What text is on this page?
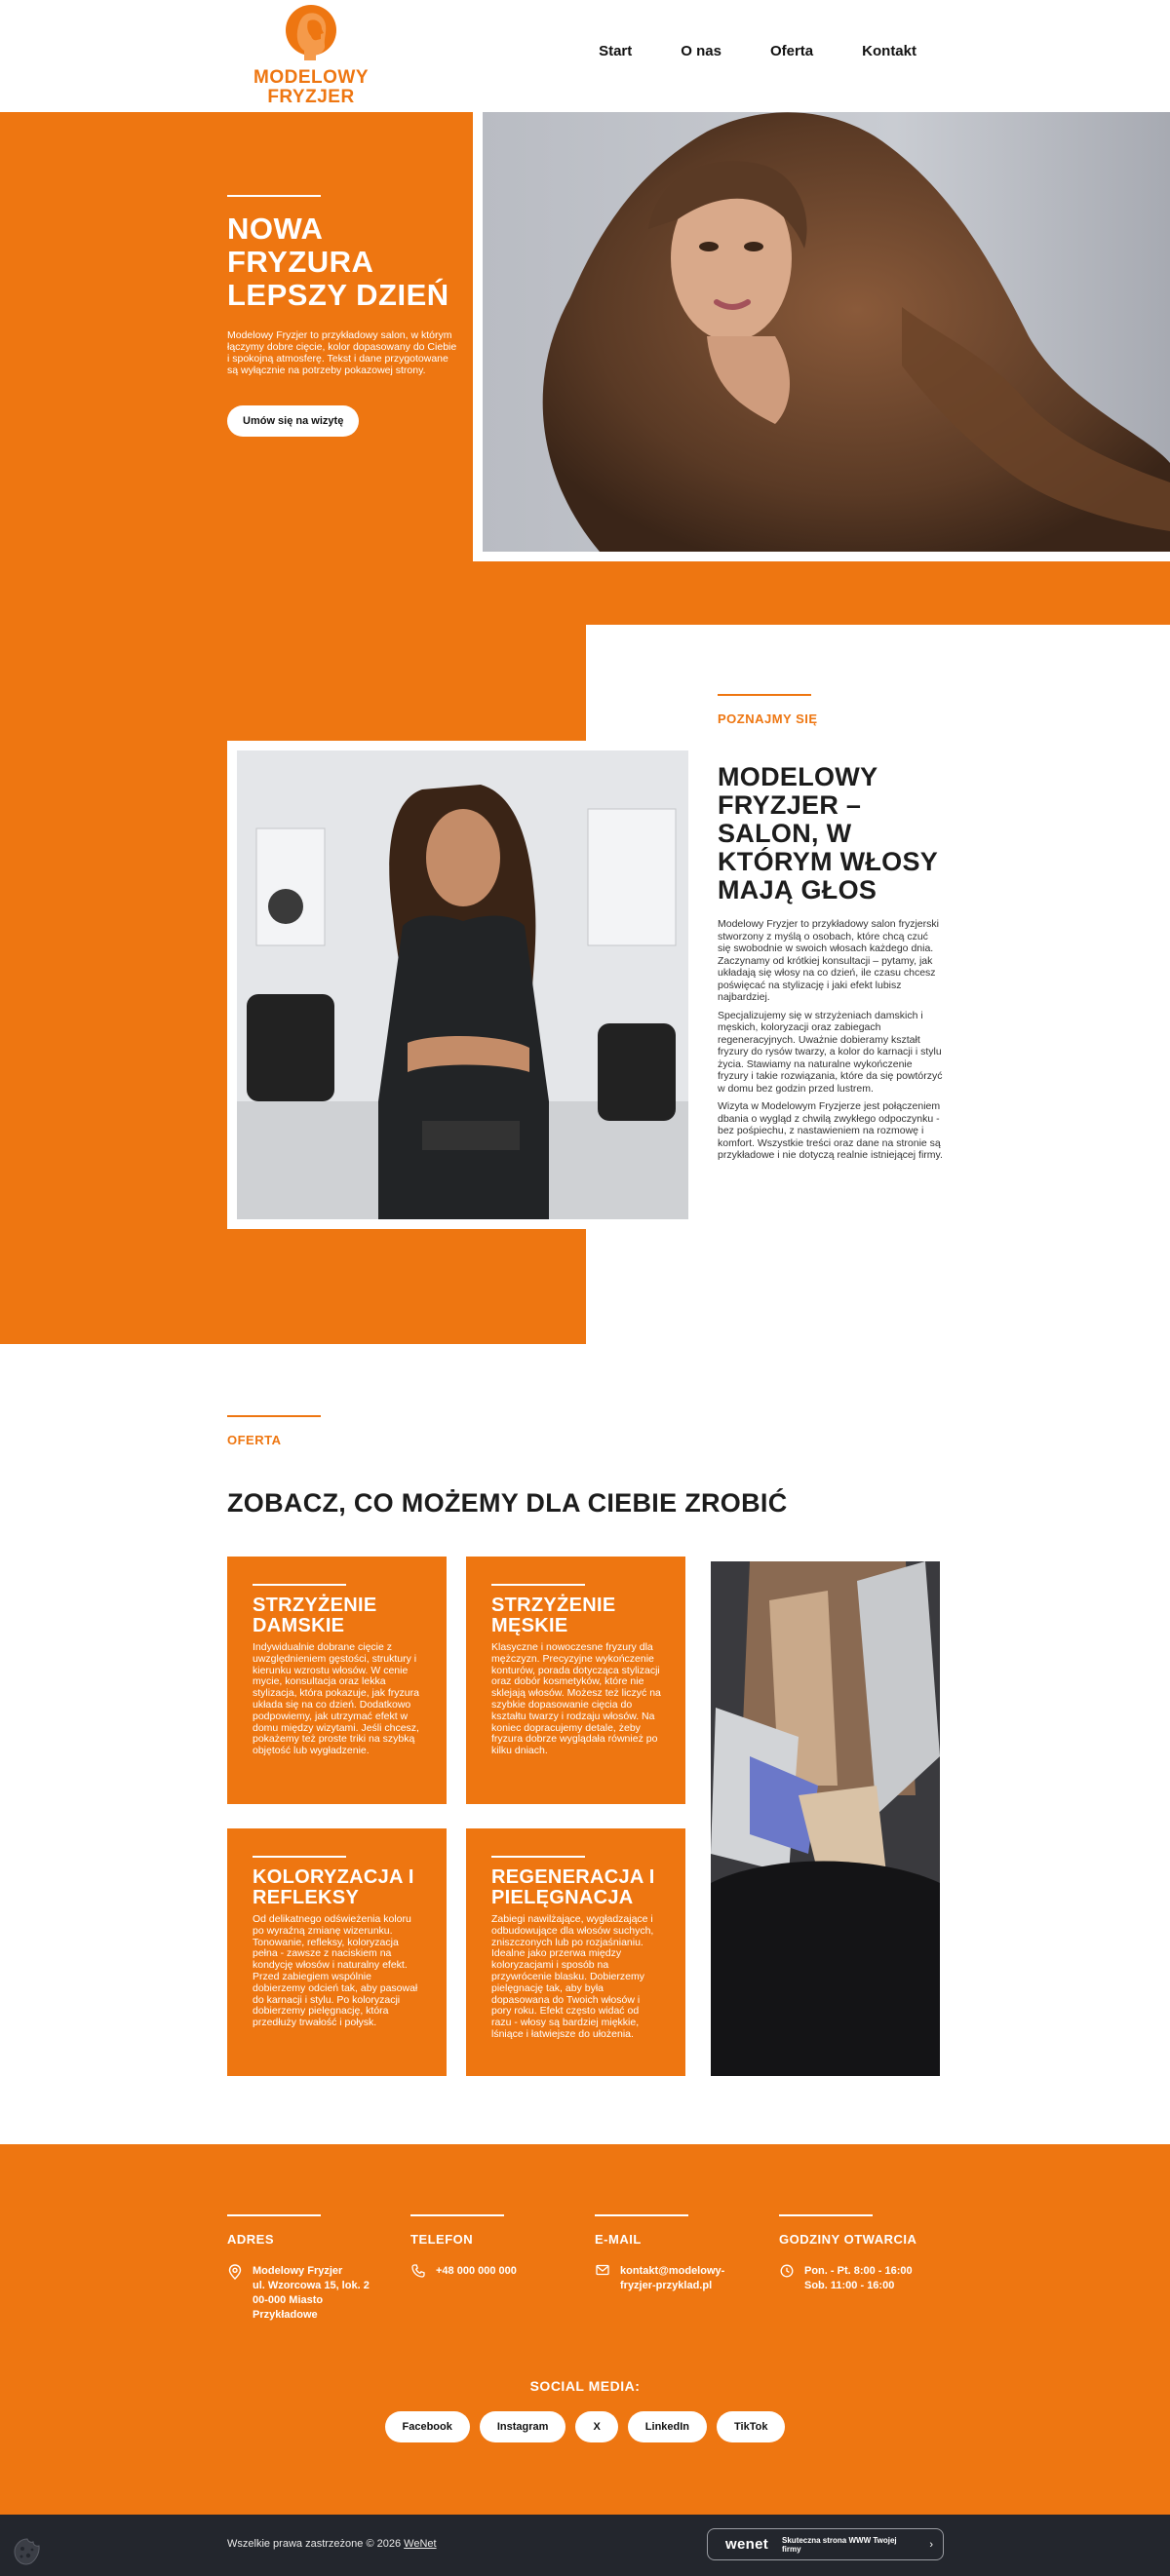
MODELOWY
FRYZJER
Start	O nas	Oferta	Kontakt
NOWA FRYZURA LEPSZY DZIEŃ

Modelowy Fryzjer to przykładowy salon, w którym łączymy dobre cięcie, kolor dopasowany do Ciebie i spokojną atmosferę. Tekst i dane przygotowane są wyłącznie na potrzeby pokazowej strony.

Umów się na wizytę
POZNAJMY SIĘ
MODELOWY FRYZJER – SALON, W KTÓRYM WŁOSY MAJĄ GŁOS

Modelowy Fryzjer to przykładowy salon fryzjerski stworzony z myślą o osobach, które chcą czuć się swobodnie w swoich włosach każdego dnia. Zaczynamy od krótkiej konsultacji – pytamy, jak układają się włosy na co dzień, ile czasu chcesz poświęcać na stylizację i jaki efekt lubisz najbardziej.

Specjalizujemy się w strzyżeniach damskich i męskich, koloryzacji oraz zabiegach regeneracyjnych. Uważnie dobieramy kształt fryzury do rysów twarzy, a kolor do karnacji i stylu życia. Stawiamy na naturalne wykończenie fryzury i takie rozwiązania, które da się powtórzyć w domu bez godzin przed lustrem.

Wizyta w Modelowym Fryzjerze jest połączeniem dbania o wygląd z chwilą zwykłego odpoczynku - bez pośpiechu, z nastawieniem na rozmowę i komfort. Wszystkie treści oraz dane na stronie są przykładowe i nie dotyczą realnie istniejącej firmy.

OFERTA
ZOBACZ, CO MOŻEMY DLA CIEBIE ZROBIĆ
STRZYŻENIE DAMSKIE
Indywidualnie dobrane cięcie z uwzględnieniem gęstości, struktury i kierunku wzrostu włosów. W cenie mycie, konsultacja oraz lekka stylizacja, która pokazuje, jak fryzura układa się na co dzień. Dodatkowo podpowiemy, jak utrzymać efekt w domu między wizytami. Jeśli chcesz, pokażemy też proste triki na szybką objętość lub wygładzenie.
STRZYŻENIE MĘSKIE
Klasyczne i nowoczesne fryzury dla mężczyzn. Precyzyjne wykończenie konturów, porada dotycząca stylizacji oraz dobór kosmetyków, które nie sklejają włosów. Możesz też liczyć na szybkie dopasowanie cięcia do kształtu twarzy i rodzaju włosów. Na koniec dopracujemy detale, żeby fryzura dobrze wyglądała również po kilku dniach.
KOLORYZACJA I REFLEKSY
Od delikatnego odświeżenia koloru po wyraźną zmianę wizerunku. Tonowanie, refleksy, koloryzacja pełna - zawsze z naciskiem na kondycję włosów i naturalny efekt. Przed zabiegiem wspólnie dobierzemy odcień tak, aby pasował do karnacji i stylu. Po koloryzacji dobierzemy pielęgnację, która przedłuży trwałość i połysk.
REGENERACJA I PIELĘGNACJA
Zabiegi nawilżające, wygładzające i odbudowujące dla włosów suchych, zniszczonych lub po rozjaśnianiu. Idealne jako przerwa między koloryzacjami i sposób na przywrócenie blasku. Dobierzemy pielęgnację tak, aby była dopasowana do Twoich włosów i pory roku. Efekt często widać od razu - włosy są bardziej miękkie, lśniące i łatwiejsze do ułożenia.
ADRES
Modelowy Fryzjer
ul. Wzorcowa 15, lok. 2
00-000 Miasto
Przykładowe
TELEFON
+48 000 000 000
E-MAIL
kontakt@modelowy-
fryzjer-przyklad.pl
GODZINY OTWARCIA
Pon. - Pt. 8:00 - 16:00
Sob. 11:00 - 16:00
SOCIAL MEDIA:
Facebook	Instagram	X	LinkedIn	TikTok
Wszelkie prawa zastrzeżone © 2026 WeNet	wenet Skuteczna strona WWW Twojej firmy	›
